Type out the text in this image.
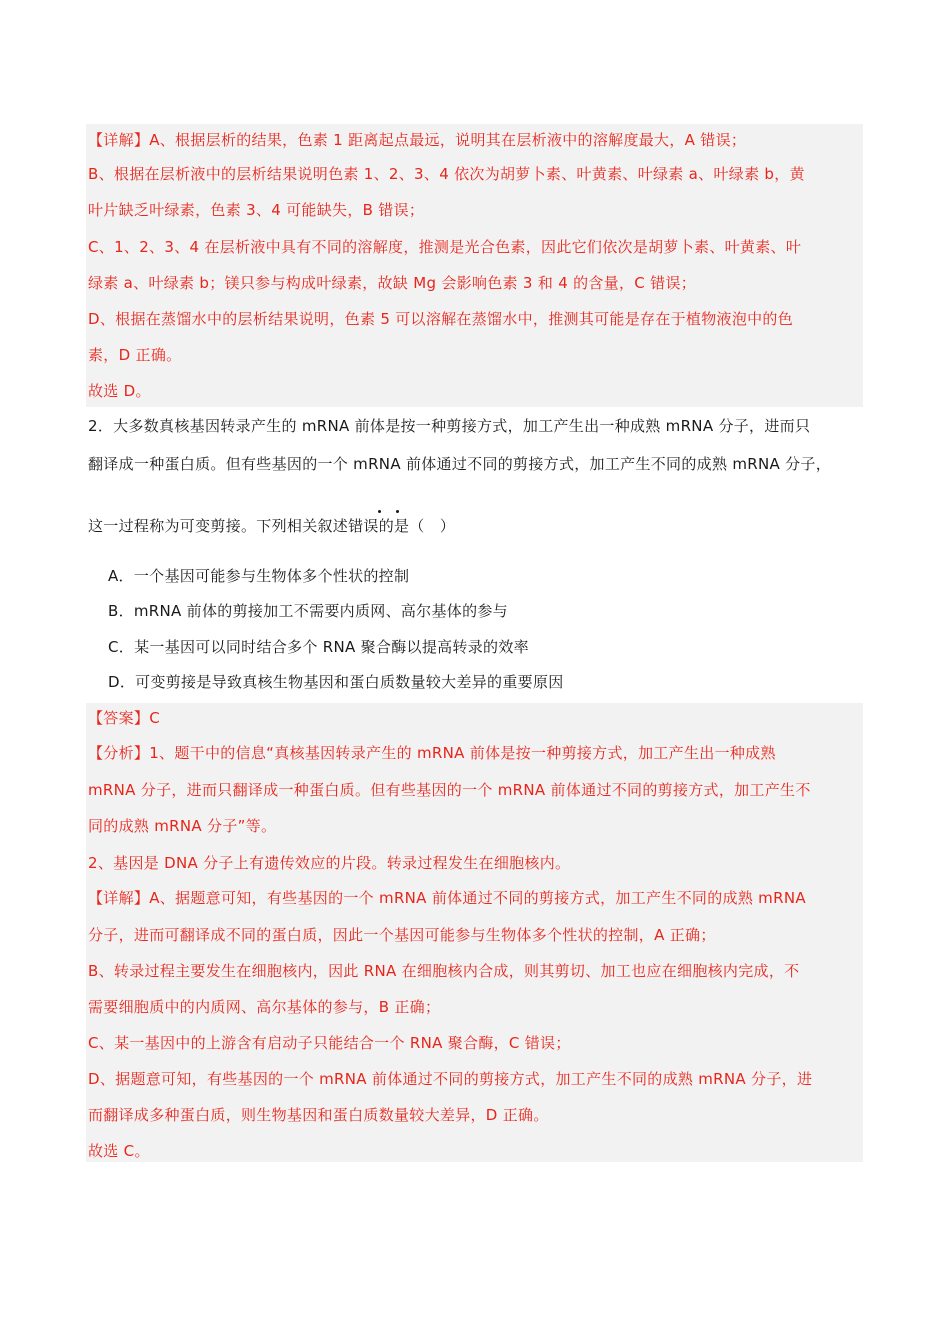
【详解】A、根据层析的结果，色素 1 距离起点最远，说明其在层析液中的溶解度最大，A 错误；
B、根据在层析液中的层析结果说明色素 1、2、3、4 依次为胡萝卜素、叶黄素、叶绿素 a、叶绿素 b，黄
叶片缺乏叶绿素，色素 3、4 可能缺失，B 错误；
C、1、2、3、4 在层析液中具有不同的溶解度，推测是光合色素，因此它们依次是胡萝卜素、叶黄素、叶
绿素 a、叶绿素 b；镁只参与构成叶绿素，故缺 Mg 会影响色素 3 和 4 的含量，C 错误；
D、根据在蒸馏水中的层析结果说明，色素 5 可以溶解在蒸馏水中，推测其可能是存在于植物液泡中的色
素，D 正确。
故选 D。
2．大多数真核基因转录产生的 mRNA 前体是按一种剪接方式，加工产生出一种成熟 mRNA 分子，进而只
翻译成一种蛋白质。但有些基因的一个 mRNA 前体通过不同的剪接方式，加工产生不同的成熟 mRNA 分子，
这一过程称为可变剪接。下列相关叙述错误的是（　）
A．一个基因可能参与生物体多个性状的控制
B．mRNA 前体的剪接加工不需要内质网、高尔基体的参与
C．某一基因可以同时结合多个 RNA 聚合酶以提高转录的效率
D．可变剪接是导致真核生物基因和蛋白质数量较大差异的重要原因
【答案】C
【分析】1、题干中的信息“真核基因转录产生的 mRNA 前体是按一种剪接方式，加工产生出一种成熟
mRNA 分子，进而只翻译成一种蛋白质。但有些基因的一个 mRNA 前体通过不同的剪接方式，加工产生不
同的成熟 mRNA 分子”等。
2、基因是 DNA 分子上有遗传效应的片段。转录过程发生在细胞核内。
【详解】A、据题意可知，有些基因的一个 mRNA 前体通过不同的剪接方式，加工产生不同的成熟 mRNA
分子，进而可翻译成不同的蛋白质，因此一个基因可能参与生物体多个性状的控制，A 正确；
B、转录过程主要发生在细胞核内，因此 RNA 在细胞核内合成，则其剪切、加工也应在细胞核内完成，不
需要细胞质中的内质网、高尔基体的参与，B 正确；
C、某一基因中的上游含有启动子只能结合一个 RNA 聚合酶，C 错误；
D、据题意可知，有些基因的一个 mRNA 前体通过不同的剪接方式，加工产生不同的成熟 mRNA 分子，进
而翻译成多种蛋白质，则生物基因和蛋白质数量较大差异，D 正确。
故选 C。
